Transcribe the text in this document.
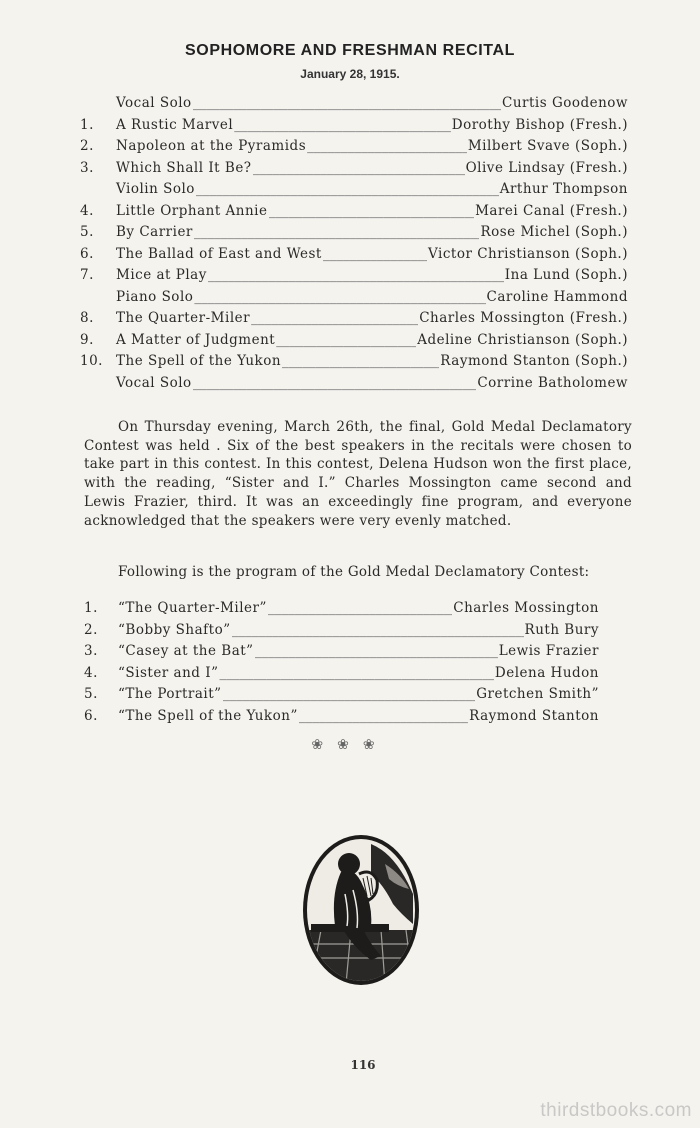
SOPHOMORE AND FRESHMAN RECITAL
January 28, 1915.
Vocal Solo _____	Curtis Goodenow
1.	A Rustic Marvel _____	Dorothy Bishop (Fresh.)
2.	Napoleon at the Pyramids _____	Milbert Svave (Soph.)
3.	Which Shall It Be? _____	Olive Lindsay (Fresh.)
Violin Solo _____	Arthur Thompson
4.	Little Orphant Annie _____	Marei Canal (Fresh.)
5.	By Carrier _____	Rose Michel (Soph.)
6.	The Ballad of East and West _____	Victor Christianson (Soph.)
7.	Mice at Play _____	Ina Lund (Soph.)
Piano Solo _____	Caroline Hammond
8.	The Quarter-Miler _____	Charles Mossington (Fresh.)
9.	A Matter of Judgment _____	Adeline Christianson (Soph.)
10. The Spell of the Yukon _____	Raymond Stanton (Soph.)
Vocal Solo _____	Corrine Batholomew

On Thursday evening, March 26th, the final, Gold Medal Declamatory Contest was held . Six of the best speakers in the recitals were chosen to take part in this contest. In this contest, Delena Hudson won the first place, with the reading, “Sister and I.” Charles Mossington came second and Lewis Frazier, third. It was an exceedingly fine program, and everyone acknowledged that the speakers were very evenly matched.

Following is the program of the Gold Medal Declamatory Contest:

1.	“The Quarter-Miler” _____	Charles Mossington
2.	“Bobby Shafto” _____	Ruth Bury
3.	“Casey at the Bat” _____	Lewis Frazier
4.	“Sister and I” _____	Delena Hudon
5.	“The Portrait” _____	Gretchen Smith”
6.	“The Spell of the Yukon” _____	Raymond Stanton
❀❀❀
116
thirdstbooks.com
